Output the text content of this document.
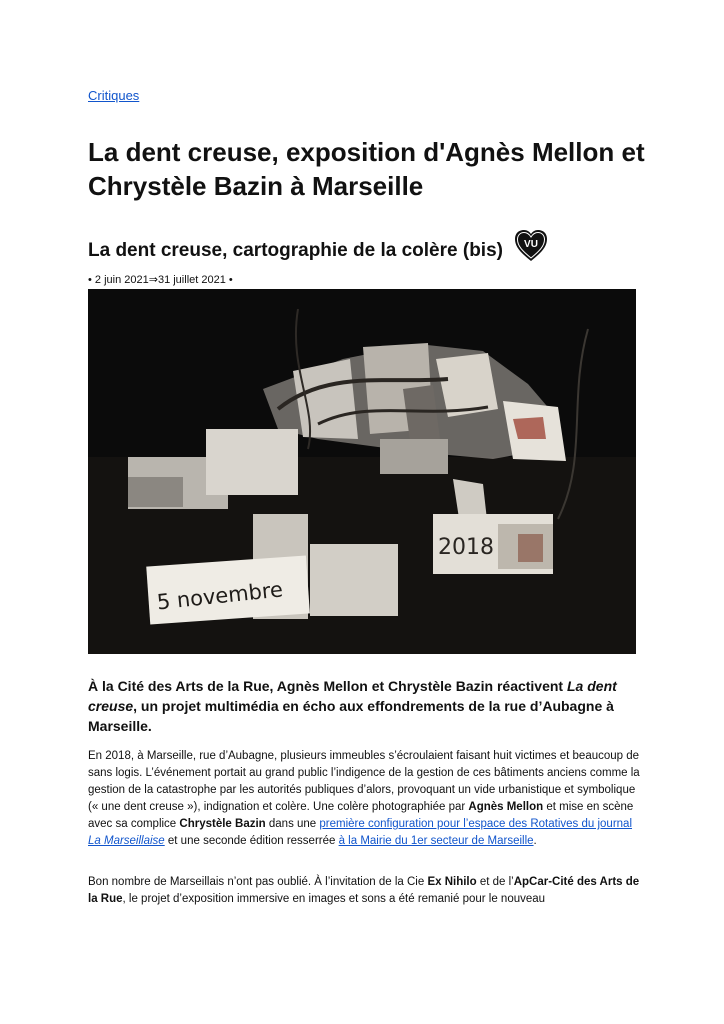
Critiques
La dent creuse, exposition d'Agnès Mellon et Chrystèle Bazin à Marseille
La dent creuse, cartographie de la colère (bis) VU
• 2 juin 2021⇒31 juillet 2021 •
2018
5 novembre

À la Cité des Arts de la Rue, Agnès Mellon et Chrystèle Bazin réactivent La dent creuse, un projet multimédia en écho aux effondrements de la rue d’Aubagne à Marseille.

En 2018, à Marseille, rue d’Aubagne, plusieurs immeubles s’écroulaient faisant huit victimes et beaucoup de sans logis. L’événement portait au grand public l’indigence de la gestion de ces bâtiments anciens comme la gestion de la catastrophe par les autorités publiques d’alors, provoquant un vide urbanistique et symbolique (« une dent creuse »), indignation et colère. Une colère photographiée par Agnès Mellon et mise en scène avec sa complice Chrystèle Bazin dans une première configuration pour l’espace des Rotatives du journal La Marseillaise et une seconde édition resserrée à la Mairie du 1er secteur de Marseille.

Bon nombre de Marseillais n’ont pas oublié. À l’invitation de la Cie Ex Nihilo et de l’ApCar-Cité des Arts de la Rue, le projet d’exposition immersive en images et sons a été remanié pour le nouveau
